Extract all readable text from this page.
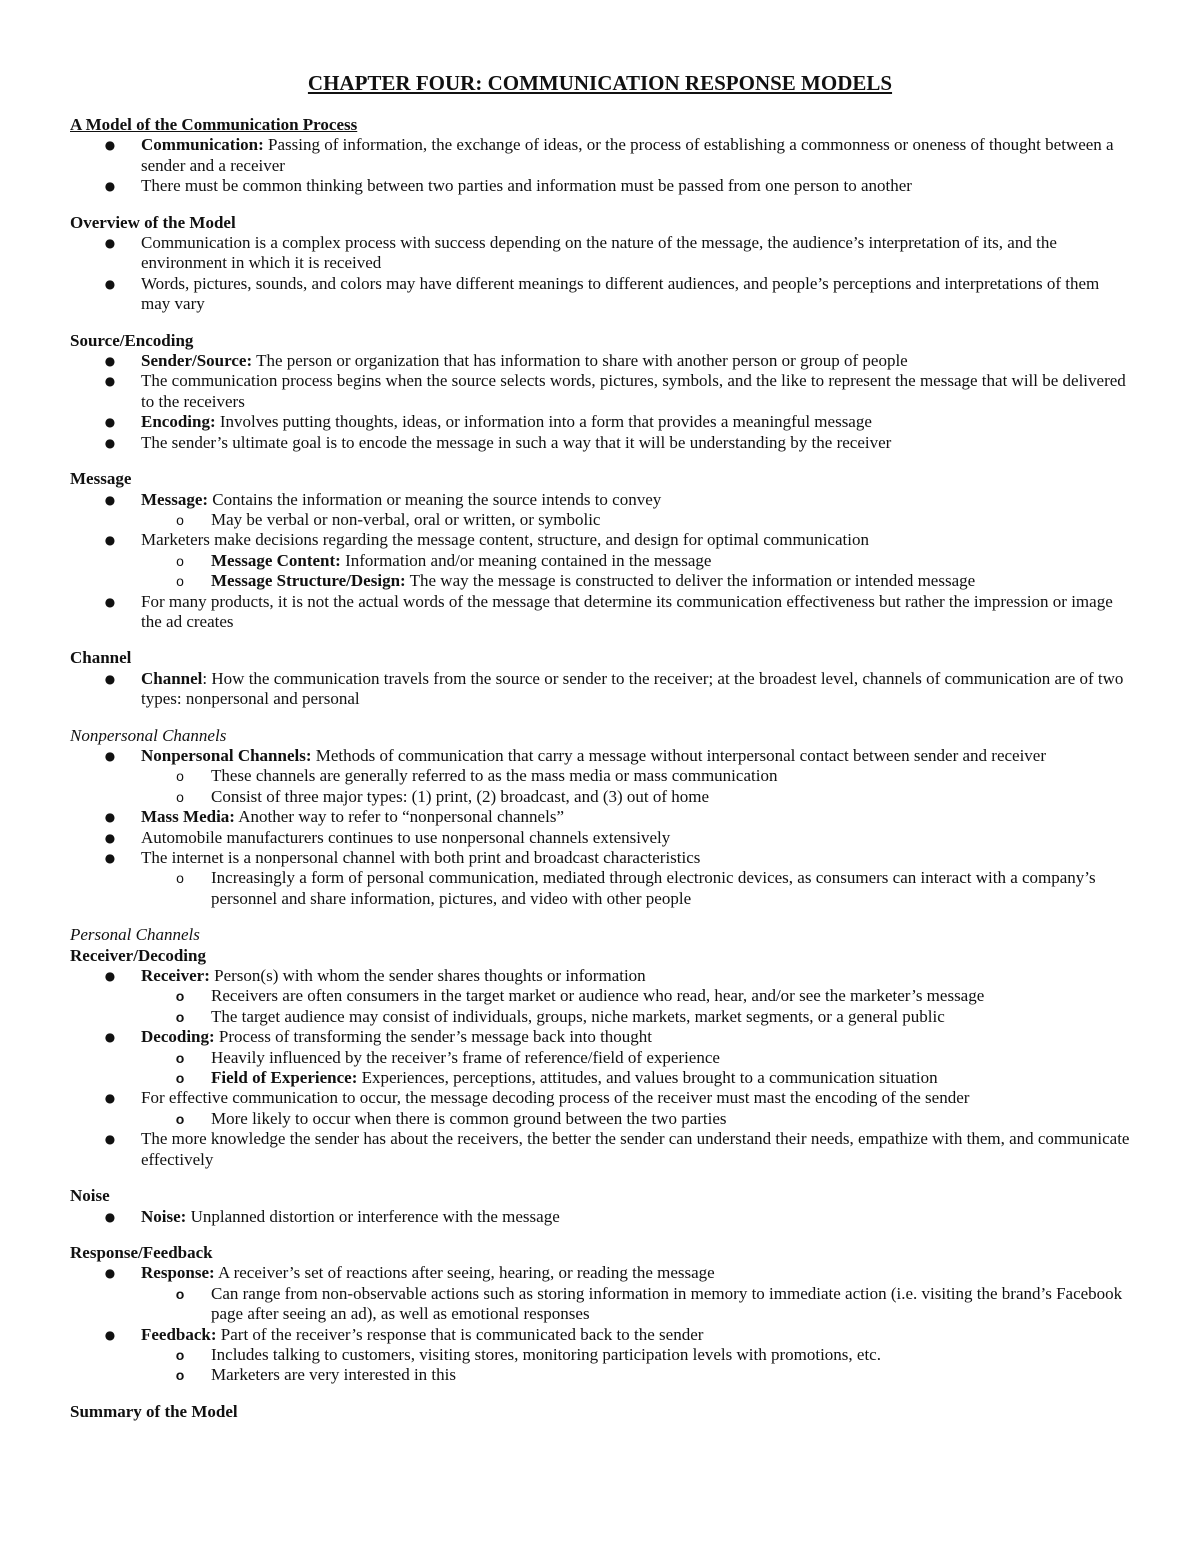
CHAPTER FOUR: COMMUNICATION RESPONSE MODELS
A Model of the Communication Process
● Communication: Passing of information, the exchange of ideas, or the process of establishing a commonness or oneness of thought between a sender and a receiver
● There must be common thinking between two parties and information must be passed from one person to another
Overview of the Model
● Communication is a complex process with success depending on the nature of the message, the audience’s interpretation of its, and the environment in which it is received
● Words, pictures, sounds, and colors may have different meanings to different audiences, and people’s perceptions and interpretations of them may vary
Source/Encoding
● Sender/Source: The person or organization that has information to share with another person or group of people
● The communication process begins when the source selects words, pictures, symbols, and the like to represent the message that will be delivered to the receivers
● Encoding: Involves putting thoughts, ideas, or information into a form that provides a meaningful message
● The sender’s ultimate goal is to encode the message in such a way that it will be understanding by the receiver
Message
● Message: Contains the information or meaning the source intends to convey
o May be verbal or non-verbal, oral or written, or symbolic
● Marketers make decisions regarding the message content, structure, and design for optimal communication
o Message Content: Information and/or meaning contained in the message
o Message Structure/Design: The way the message is constructed to deliver the information or intended message
● For many products, it is not the actual words of the message that determine its communication effectiveness but rather the impression or image the ad creates
Channel
● Channel: How the communication travels from the source or sender to the receiver; at the broadest level, channels of communication are of two types: nonpersonal and personal
Nonpersonal Channels
● Nonpersonal Channels: Methods of communication that carry a message without interpersonal contact between sender and receiver
o These channels are generally referred to as the mass media or mass communication
o Consist of three major types: (1) print, (2) broadcast, and (3) out of home
● Mass Media: Another way to refer to “nonpersonal channels”
● Automobile manufacturers continues to use nonpersonal channels extensively
● The internet is a nonpersonal channel with both print and broadcast characteristics
o Increasingly a form of personal communication, mediated through electronic devices, as consumers can interact with a company’s personnel and share information, pictures, and video with other people
Personal Channels
Receiver/Decoding
● Receiver: Person(s) with whom the sender shares thoughts or information
o Receivers are often consumers in the target market or audience who read, hear, and/or see the marketer’s message
o The target audience may consist of individuals, groups, niche markets, market segments, or a general public
● Decoding: Process of transforming the sender’s message back into thought
o Heavily influenced by the receiver’s frame of reference/field of experience
o Field of Experience: Experiences, perceptions, attitudes, and values brought to a communication situation
● For effective communication to occur, the message decoding process of the receiver must mast the encoding of the sender
o More likely to occur when there is common ground between the two parties
● The more knowledge the sender has about the receivers, the better the sender can understand their needs, empathize with them, and communicate effectively
Noise
● Noise: Unplanned distortion or interference with the message
Response/Feedback
● Response: A receiver’s set of reactions after seeing, hearing, or reading the message
o Can range from non-observable actions such as storing information in memory to immediate action (i.e. visiting the brand’s Facebook page after seeing an ad), as well as emotional responses
● Feedback: Part of the receiver’s response that is communicated back to the sender
o Includes talking to customers, visiting stores, monitoring participation levels with promotions, etc.
o Marketers are very interested in this
Summary of the Model
